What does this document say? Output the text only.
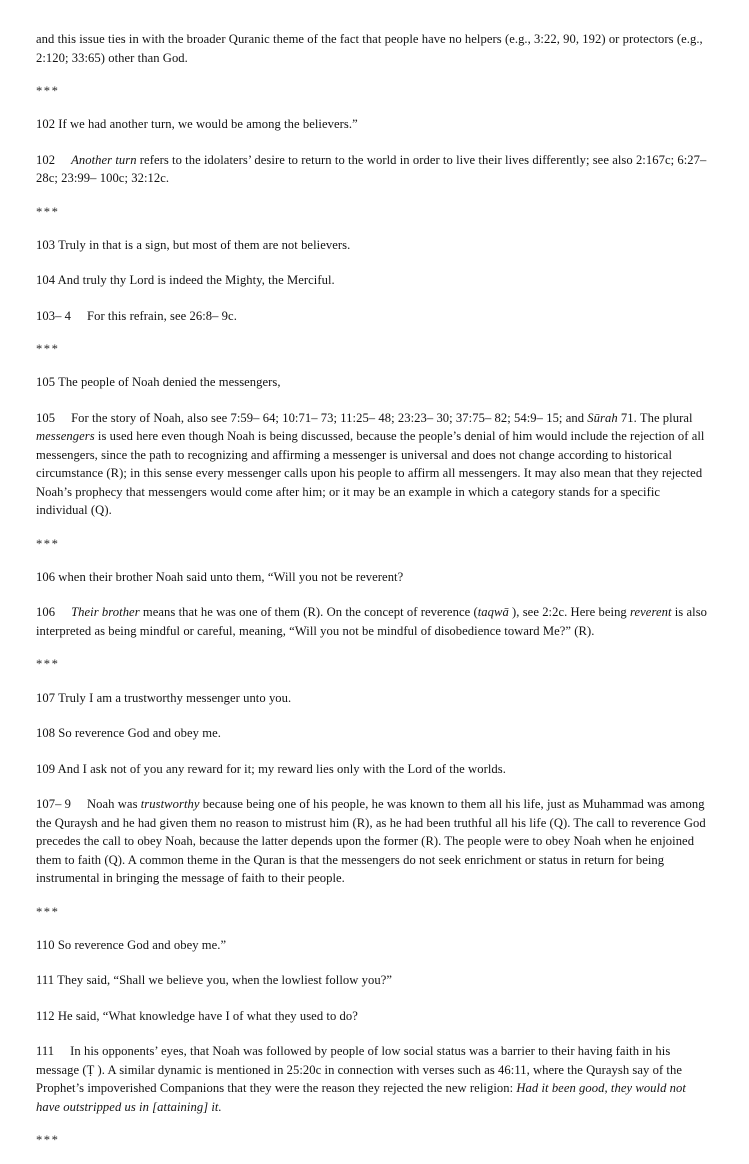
and this issue ties in with the broader Quranic theme of the fact that people have no helpers (e.g., 3:22, 90, 192) or protectors (e.g., 2:120; 33:65) other than God.

***

102 If we had another turn, we would be among the believers.”

102 Another turn refers to the idolaters’ desire to return to the world in order to live their lives differently; see also 2:167c; 6:27– 28c; 23:99– 100c; 32:12c.

***

103 Truly in that is a sign, but most of them are not believers.

104 And truly thy Lord is indeed the Mighty, the Merciful.

103– 4 For this refrain, see 26:8– 9c.

***

105 The people of Noah denied the messengers,

105 For the story of Noah, also see 7:59– 64; 10:71– 73; 11:25– 48; 23:23– 30; 37:75– 82; 54:9– 15; and Sūrah 71. The plural messengers is used here even though Noah is being discussed, because the people’s denial of him would include the rejection of all messengers, since the path to recognizing and affirming a messenger is universal and does not change according to historical circumstance (R); in this sense every messenger calls upon his people to affirm all messengers. It may also mean that they rejected Noah’s prophecy that messengers would come after him; or it may be an example in which a category stands for a specific individual (Q).

***

106 when their brother Noah said unto them, “Will you not be reverent?

106 Their brother means that he was one of them (R). On the concept of reverence (taqwā ), see 2:2c. Here being reverent is also interpreted as being mindful or careful, meaning, “Will you not be mindful of disobedience toward Me?” (R).

***

107 Truly I am a trustworthy messenger unto you.

108 So reverence God and obey me.

109 And I ask not of you any reward for it; my reward lies only with the Lord of the worlds.

107– 9 Noah was trustworthy because being one of his people, he was known to them all his life, just as Muhammad was among the Quraysh and he had given them no reason to mistrust him (R), as he had been truthful all his life (Q). The call to reverence God precedes the call to obey Noah, because the latter depends upon the former (R). The people were to obey Noah when he enjoined them to faith (Q). A common theme in the Quran is that the messengers do not seek enrichment or status in return for being instrumental in bringing the message of faith to their people.

***

110 So reverence God and obey me.”

111 They said, “Shall we believe you, when the lowliest follow you?”

112 He said, “What knowledge have I of what they used to do?

111 In his opponents’ eyes, that Noah was followed by people of low social status was a barrier to their having faith in his message (Ṭ ). A similar dynamic is mentioned in 25:20c in connection with verses such as 46:11, where the Quraysh say of the Prophet’s impoverished Companions that they were the reason they rejected the new religion: Had it been good, they would not have outstripped us in [attaining] it.

***
